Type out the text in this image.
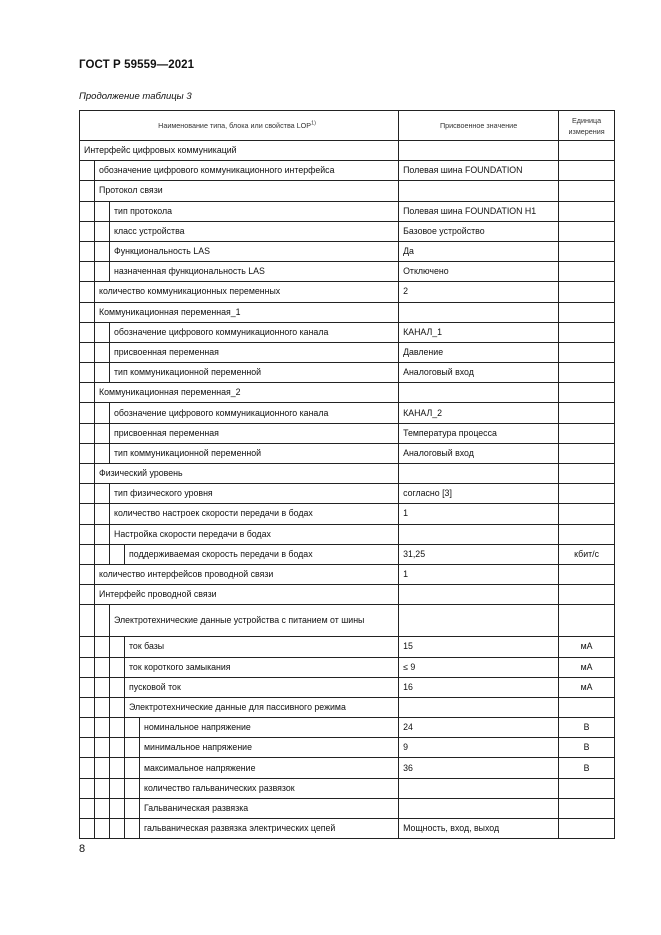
ГОСТ Р 59559—2021
Продолжение таблицы 3
Наименование типа, блока или свойства LOP$^{1)}$					Присвоенное значение	Единица измерения
Интерфейс цифровых коммуникаций						
	обозначение цифрового коммуникационного интерфейса				Полевая шина FOUNDATION	
	Протокол связи					
		тип протокола			Полевая шина FOUNDATION H1	
		класс устройства			Базовое устройство	
		Функциональность LAS			Да	
		назначенная функциональность LAS			Отключено	
	количество коммуникационных переменных				2	
	Коммуникационная переменная_1					
		обозначение цифрового коммуникационного канала			КАНАЛ_1	
		присвоенная переменная			Давление	
		тип коммуникационной переменной			Аналоговый вход	
	Коммуникационная переменная_2					
		обозначение цифрового коммуникационного канала			КАНАЛ_2	
		присвоенная переменная			Температура процесса	
		тип коммуникационной переменной			Аналоговый вход	
	Физический уровень					
		тип физического уровня			согласно [3]	
		количество настроек скорости передачи в бодах			1	
		Настройка скорости передачи в бодах				
			поддерживаемая скорость передачи в бодах		31,25	кбит/с
	количество интерфейсов проводной связи				1	
	Интерфейс проводной связи					
		Электротехнические данные устройства с питанием от шины				
			ток базы		15	мА
			ток короткого замыкания		≤ 9	мА
			пусковой ток		16	мА
			Электротехнические данные для пассивного режима			
				номинальное напряжение	24	В
				минимальное напряжение	9	В
				максимальное напряжение	36	В
				количество гальванических развязок		
				Гальваническая развязка		
				гальваническая развязка электрических цепей	Мощность, вход, выход	
8
